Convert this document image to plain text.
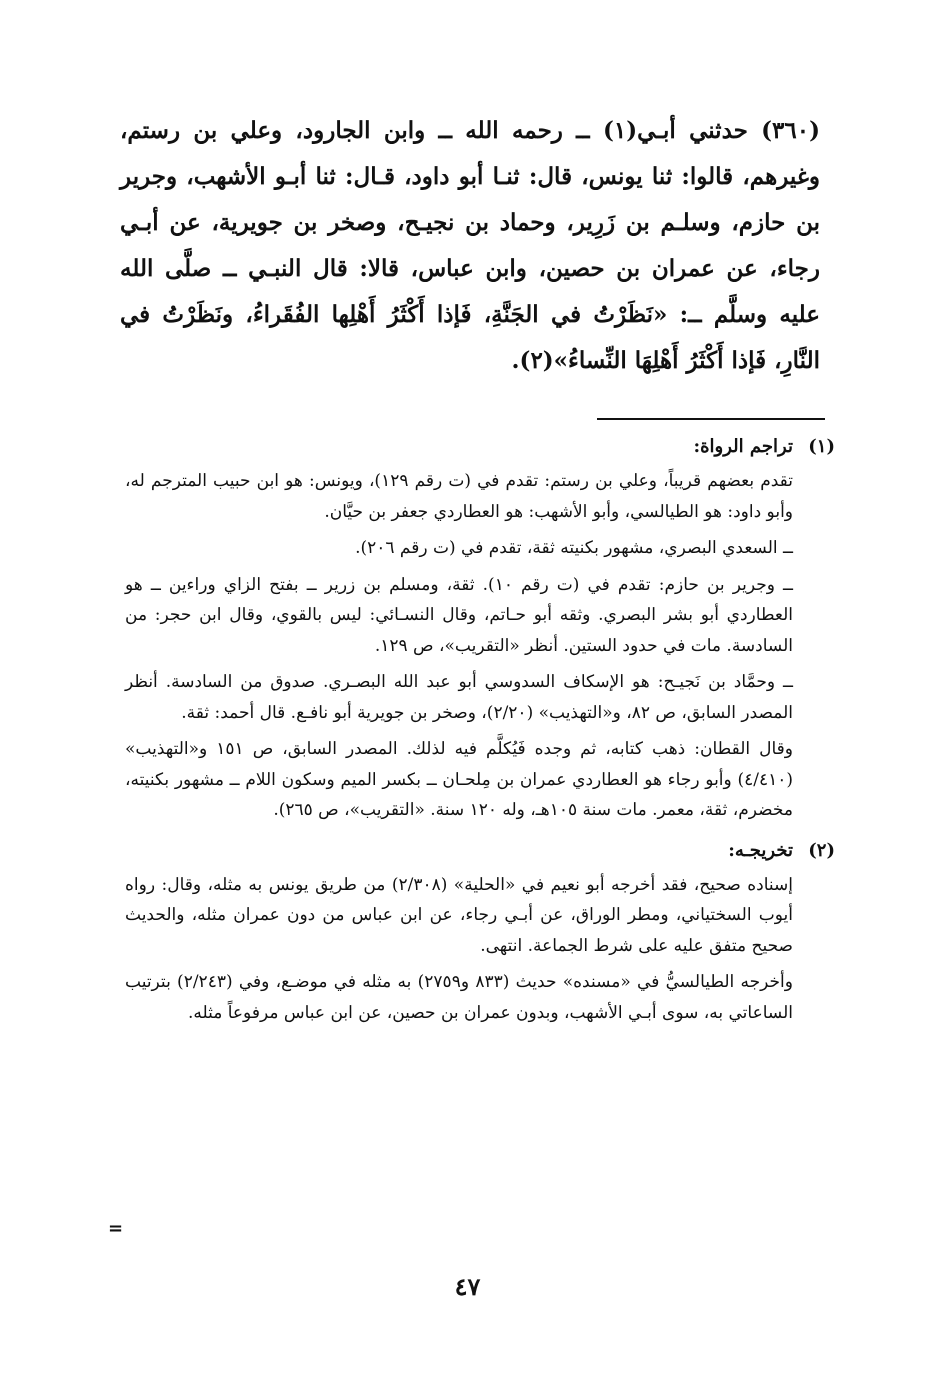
(٣٦٠) حدثني أبـي(١) ــ رحمه الله ــ وابن الجارود، وعلي بن رستم، وغيرهم، قالوا: ثنا يونس، قال: ثنـا أبو داود، قـال: ثنا أبـو الأشهب، وجرير بن حازم، وسلـم بن زَرِير، وحماد بن نجيـح، وصخر بن جويرية، عن أبـي رجاء، عن عمران بن حصين، وابن عباس، قالا: قال النبـي ــ صلَّى الله عليه وسلَّم ــ: «نَظَرْتُ في الجَنَّةِ، فَإذا أَكْثَرُ أَهْلِها الفُقَراءُ، ونَظَرْتُ في النَّارِ، فَإذا أَكْثَرُ أَهْلِهَا النِّساءُ»(٢).

(١)
تراجم الرواة:

تقدم بعضهم قريباً، وعلي بن رستم: تقدم في (ت رقم ١٢٩)، ويونس: هو ابن حبيب المترجم له، وأبو داود: هو الطيالسي، وأبو الأشهب: هو العطاردي جعفر بن حيَّان.

ــ السعدي البصري، مشهور بكنيته ثقة، تقدم في (ت رقم ٢٠٦).

ــ وجرير بن حازم: تقدم في (ت رقم ١٠). ثقة، ومسلم بن زرير ــ بفتح الزاي وراءين ــ هو العطاردي أبو بشر البصري. وثقه أبو حـاتم، وقال النسـائي: ليس بالقوي، وقال ابن حجر: من السادسة. مات في حدود الستين. أنظر «التقريب»، ص ١٢٩.

ــ وحمَّاد بن نَجيـح: هو الإسكاف السدوسي أبو عبد الله البصـري. صدوق من السادسة. أنظر المصدر السابق، ص ٨٢، و«التهذيب» (٢/٢٠)، وصخر بن جويرية أبو نافـع. قال أحمد: ثقة.

وقال القطان: ذهب كتابه، ثم وجده فَيُكلَّم فيه لذلك. المصدر السابق، ص ١٥١ و«التهذيب» (٤/٤١٠) وأبو رجاء هو العطاردي عمران بن مِلحـان ــ بكسر الميم وسكون اللام ــ مشهور بكنيته، مخضرم، ثقة، معمر. مات سنة ١٠٥هـ، وله ١٢٠ سنة. «التقريب»، ص ٢٦٥).

(٢)
تخريجـه:

إسناده صحيح، فقد أخرجه أبو نعيم في «الحلية» (٢/٣٠٨) من طريق يونس به مثله، وقال: رواه أيوب السختياني، ومطر الوراق، عن أبـي رجاء، عن ابن عباس من دون عمران مثله، والحديث صحيح متفق عليه على شرط الجماعة. انتهى.

وأخرجه الطيالسيُّ في «مسنده» حديث (٨٣٣ و٢٧٥٩) به مثله في موضـع، وفي (٢/٢٤٣) بترتيب الساعاتي به، سوى أبـي الأشهب، وبدون عمران بن حصين، عن ابن عباس مرفوعاً مثله.

=
٤٧
